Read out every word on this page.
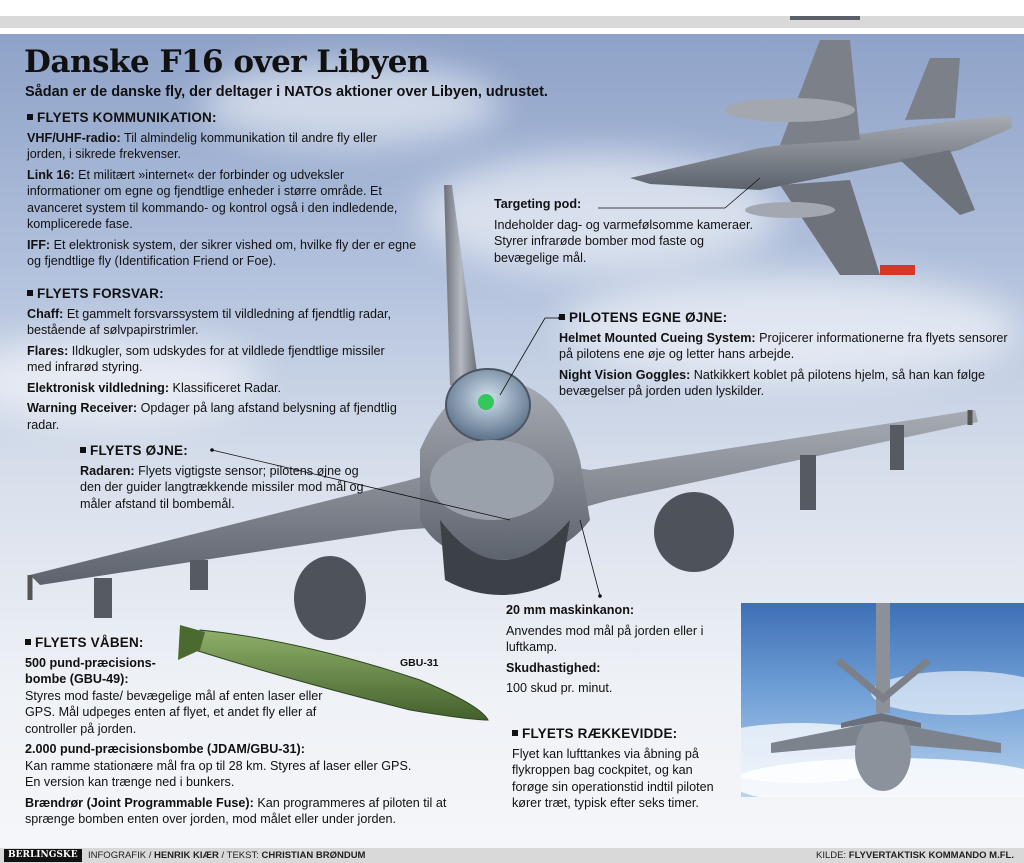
Danske F16 over Libyen
Sådan er de danske fly, der deltager i NATOs aktioner over Libyen, udrustet.
FLYETS KOMMUNIKATION:

VHF/UHF-radio: Til almindelig kommunikation til andre fly eller jorden, i sikrede frekvenser.

Link 16: Et militært »internet« der forbinder og udveksler informationer om egne og fjendtlige enheder i større område. Et avanceret system til kommando- og kontrol også i den indledende, komplicerede fase.

IFF: Et elektronisk system, der sikrer vished om, hvilke fly der er egne og fjendtlige fly (Identification Friend or Foe).

FLYETS FORSVAR:

Chaff: Et gammelt forsvarssystem til vildledning af fjendtlig radar, bestående af sølvpapirstrimler.

Flares: Ildkugler, som udskydes for at vildlede fjendtlige missiler med infrarød styring.

Elektronisk vildledning: Klassificeret Radar.

Warning Receiver: Opdager på lang afstand belysning af fjendtlig radar.

FLYETS ØJNE:

Radaren: Flyets vigtigste sensor; pilotens øjne og den der guider langtrækkende missiler mod mål og måler afstand til bombemål.

Targeting pod:

Indeholder dag- og varmefølsomme kameraer. Styrer infrarøde bomber mod faste og bevægelige mål.

PILOTENS EGNE ØJNE:

Helmet Mounted Cueing System: Projicerer informationerne fra flyets sensorer på pilotens ene øje og letter hans arbejde.

Night Vision Goggles: Natkikkert koblet på pilotens hjelm, så han kan følge bevægelser på jorden uden lyskilder.

20 mm maskinkanon:

Anvendes mod mål på jorden eller i luftkamp.

Skudhastighed:

100 skud pr. minut.

GBU-31
FLYETS VÅBEN:

500 pund-præcisions-bombe (GBU-49):

Styres mod faste/ bevægelige mål af enten laser eller GPS. Mål udpeges enten af flyet, et andet fly eller af controller på jorden.

2.000 pund-præcisionsbombe (JDAM/GBU-31):

Kan ramme stationære mål fra op til 28 km. Styres af laser eller GPS. En version kan trænge ned i bunkers.

Brændrør (Joint Programmable Fuse): Kan programmeres af piloten til at sprænge bomben enten over jorden, mod målet eller under jorden.

FLYETS RÆKKEVIDDE:

Flyet kan lufttankes via åbning på flykroppen bag cockpitet, og kan forøge sin operationstid indtil piloten kører træt, typisk efter seks timer.

BERLINGSKE	INFOGRAFIK / HENRIK KIÆR / TEKST: CHRISTIAN BRØNDUM	KILDE: FLYVERTAKTISK KOMMANDO M.FL.
